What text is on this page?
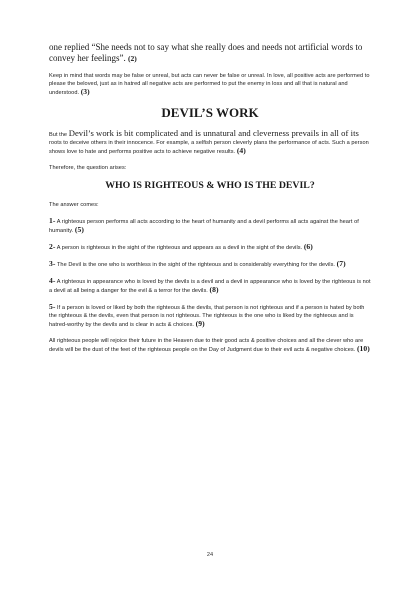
one replied “She needs not to say what she really does and needs not artificial words to convey her feelings”. (2)

Keep in mind that words may be false or unreal, but acts can never be false or unreal. In love, all positive acts are performed to please the beloved, just as in hatred all negative acts are performed to put the enemy in loss and all that is natural and understood. (3)

DEVIL’S WORK

But the Devil’s work is bit complicated and is unnatural and cleverness prevails in all of its roots to deceive others in their innocence. For example, a selfish person cleverly plans the performance of acts. Such a person shows love to hate and performs positive acts to achieve negative results. (4)

Therefore, the question arises:

WHO IS RIGHTEOUS & WHO IS THE DEVIL?

The answer comes:

1- A righteous person performs all acts according to the heart of humanity and a devil performs all acts against the heart of humanity. (5)

2- A person is righteous in the sight of the righteous and appears as a devil in the sight of the devils. (6)

3- The Devil is the one who is worthless in the sight of the righteous and is considerably everything for the devils. (7)

4- A righteous in appearance who is loved by the devils is a devil and a devil in appearance who is loved by the righteous is not a devil at all being a danger for the evil & a terror for the devils. (8)

5- If a person is loved or liked by both the righteous & the devils, that person is not righteous and if a person is hated by both the righteous & the devils, even that person is not righteous. The righteous is the one who is liked by the righteous and is hatred-worthy by the devils and is clear in acts & choices. (9)

All righteous people will rejoice their future in the Heaven due to their good acts & positive choices and all the clever who are devils will be the dust of the feet of the righteous people on the Day of Judgment due to their evil acts & negative choices. (10)

24
